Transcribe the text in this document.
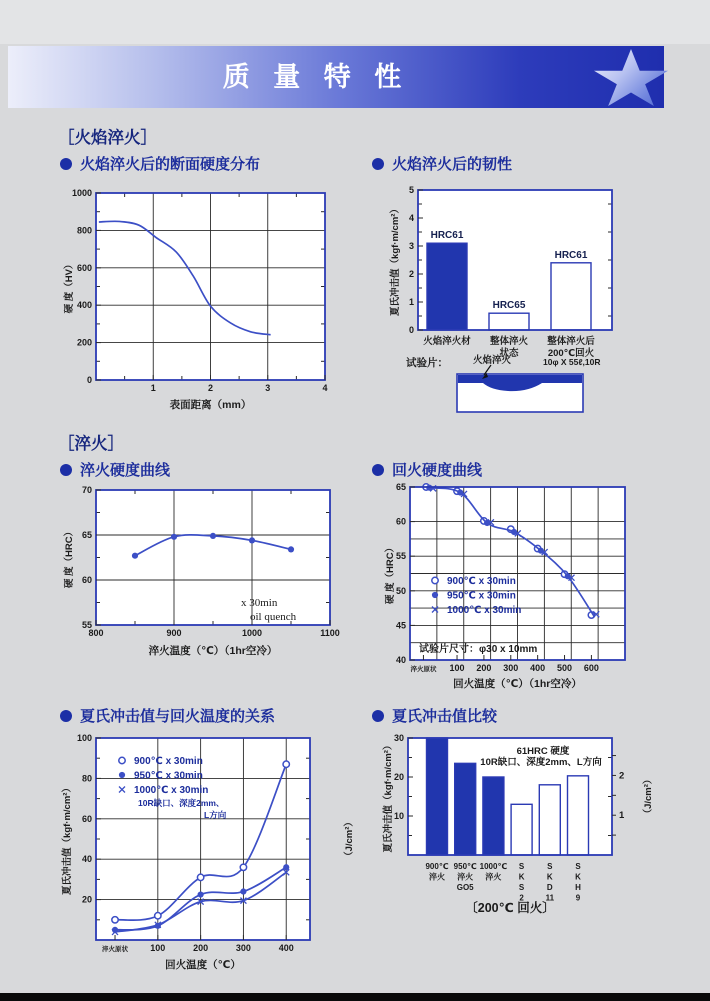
质 量 特 性
［火焰淬火］
［淬火］
火焰淬火后的断面硬度分布	火焰淬火后的韧性
淬火硬度曲线	回火硬度曲线
夏氏冲击值与回火温度的关系	夏氏冲击值比较
1	2	3	4
0
200
400
600
800
1000
表面距离（mm）
硬 度（HV）
HRC61
火焰淬火材
HRC65
整体淬火状态
HRC61
整体淬火后 200℃回火
0
1
2
3
4
5
夏氏冲击值（kgf·m/cm²）
试验片：	火焰淬火	10φ X 55ℓ,10R
800	900	1000	1100
55
60
65
70
淬火温度（℃）（1hr空冷）
硬 度（HRC）
x 30min
oil quench
淬火原状 100 200 300 400 500 600
40
45
50
55
60
65
回火温度（℃）（1hr空冷）
硬 度（HRC）	900℃ x 30min
950℃ x 30min
1000℃ x 30min
试验片尺寸：φ30 x 10mm
淬火原状 100	200	300	400
20
40
60
80
100
回火温度（℃）
夏氏冲击值（kgf·m/cm²）	（J/cm²）
900℃ x 30min
950℃ x 30min
1000℃ x 30min
10R缺口、深度2mm、
L方向
900℃淬火
950℃淬火 GO5
1000℃淬火
S K S 2
S K D 11
S K H 9
10
20
30
1
2
夏氏冲击值（kgf·m/cm²）	（J/cm²）
61HRC 硬度
10R缺口、深度2mm、L方向
〔200℃ 回火〕
